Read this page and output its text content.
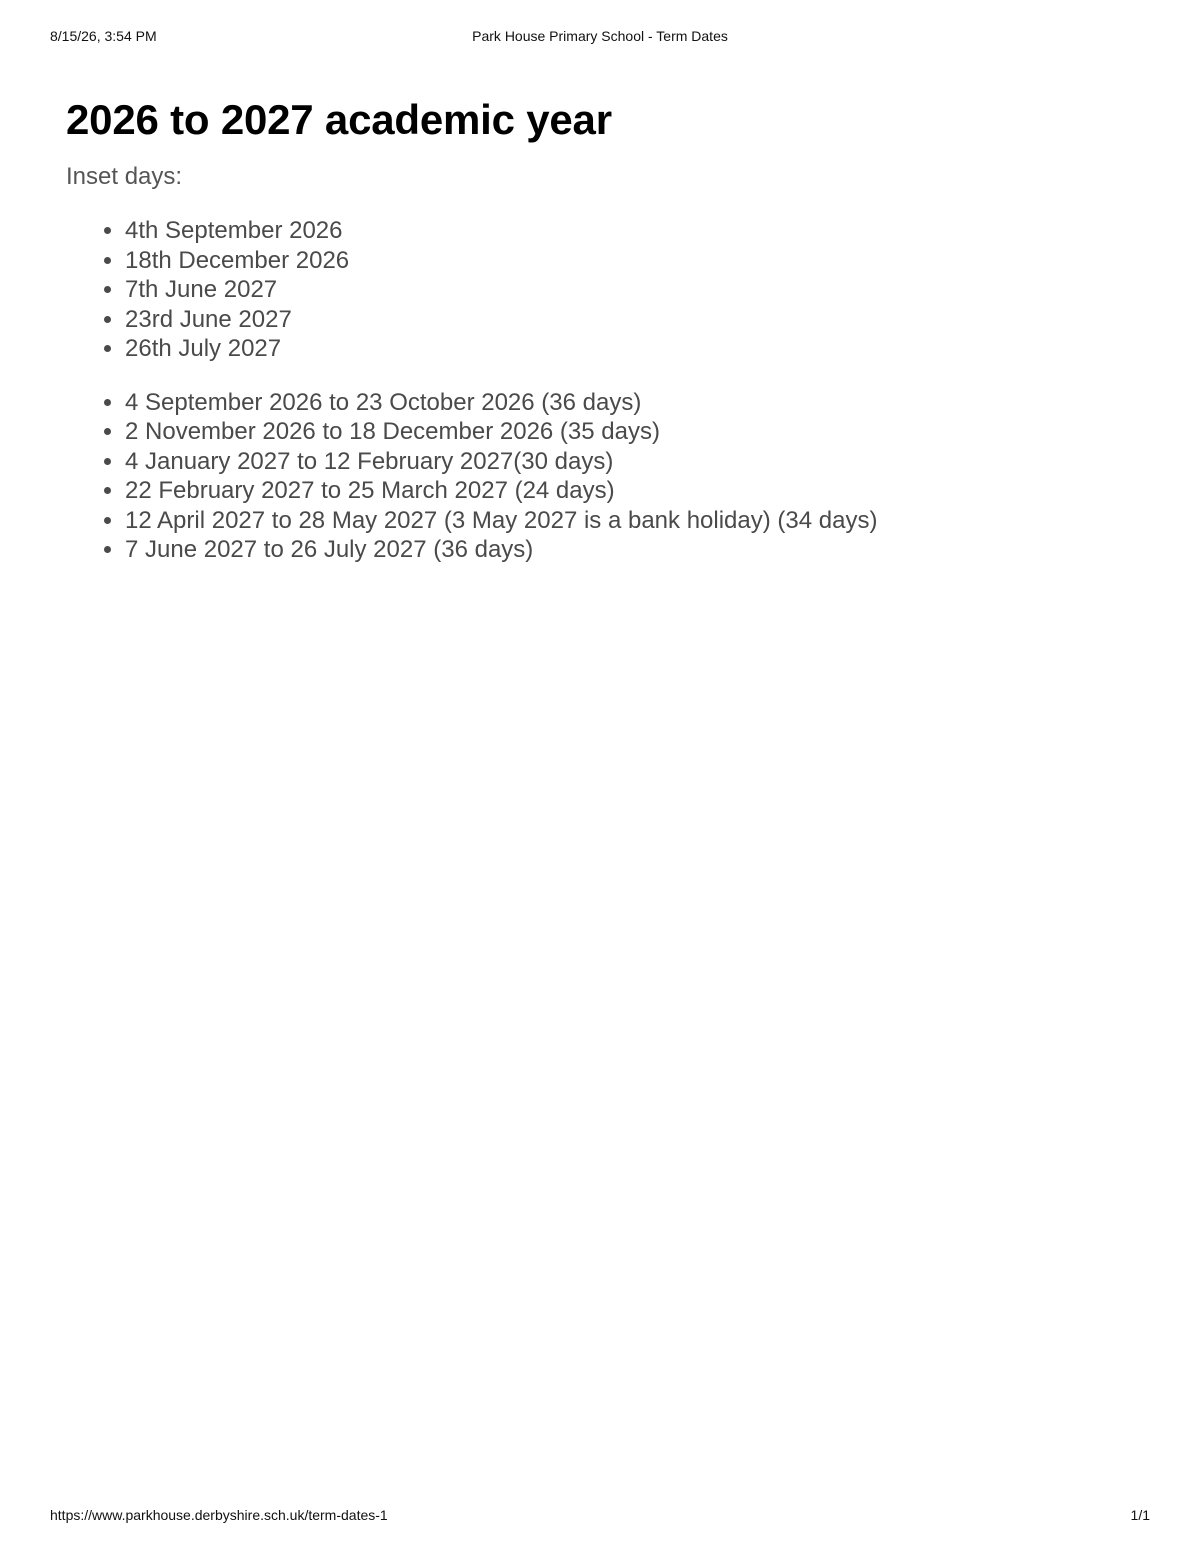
8/15/26, 3:54 PM	Park House Primary School - Term Dates
2026 to 2027 academic year

Inset days:

• 4th September 2026
• 18th December 2026
• 7th June 2027
• 23rd June 2027
• 26th July 2027
• 4 September 2026 to 23 October 2026 (36 days)
• 2 November 2026 to 18 December 2026 (35 days)
• 4 January 2027 to 12 February 2027(30 days)
• 22 February 2027 to 25 March 2027 (24 days)
• 12 April 2027 to 28 May 2027 (3 May 2027 is a bank holiday) (34 days)
• 7 June 2027 to 26 July 2027 (36 days)
https://www.parkhouse.derbyshire.sch.uk/term-dates-1	1/1
